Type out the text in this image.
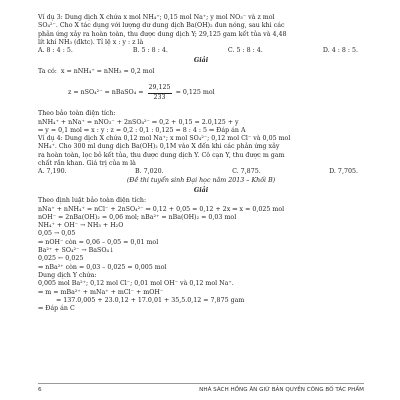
Ví dụ 3: Dung dịch X chứa x mol NH₄⁺; 0,15 mol Na⁺; y mol NO₃⁻ và z mol
SO₄²⁻. Cho X tác dụng với lượng dư dung dịch Ba(OH)₂ đun nóng, sau khi các
phản ứng xảy ra hoàn toàn, thu được dung dịch Y; 29,125 gam kết tủa và 4,48
lít khí NH₃ (đktc). Tỉ lệ x : y : z là
A. 8 : 4 : 5.	B. 5 : 8 : 4.	C. 5 : 8 : 4.	D. 4 : 8 : 5.
Giải
Ta có:  x = nNH₄⁺ = nNH₃ = 0,2 mol

z = nSO₄²⁻ = nBaSO₄ = $\frac{29,125}{233} = 0,125$ mol

Theo bảo toàn điện tích:
nNH₄⁺ + nNa⁺ = nNO₃⁻ + 2nSO₄²⁻ ⇒ 0,2 + 0,15 = 2.0,125 + y
⇒ y = 0,1 mol ⇒ x : y : z = 0,2 : 0,1 : 0,125 = 8 : 4 : 5 ⇒ Đáp án A
Ví dụ 4: Dung dịch X chứa 0,12 mol Na⁺; x mol SO₄²⁻; 0,12 mol Cl⁻ và 0,05 mol
NH₄⁺. Cho 300 ml dung dịch Ba(OH)₂ 0,1M vào X đến khi các phản ứng xảy
ra hoàn toàn, lọc bỏ kết tủa, thu được dung dịch Y. Cô cạn Y, thu được m gam
chất rắn khan. Giá trị của m là
A. 7,190.	B. 7,020.	C. 7,875.	D. 7,705.
(Đề thi tuyển sinh Đại học năm 2013 – Khối B)
Giải
Theo định luật bảo toàn điện tích:
nNa⁺ + nNH₄⁺ = nCl⁻ + 2nSO₄²⁻ ⇒ 0,12 + 0,05 = 0,12 + 2x ⇒ x = 0,025 mol
nOH⁻ = 2nBa(OH)₂ = 0,06 mol; nBa²⁺ = nBa(OH)₂ = 0,03 mol
NH₄⁺ + OH⁻ → NH₃ + H₂O
0,05 → 0,05
⇒ nOH⁻ còn = 0,06 – 0,05 = 0,01 mol
Ba²⁺ + SO₄²⁻ → BaSO₄↓
0,025 ← 0,025
⇒ nBa²⁺ còn = 0,03 – 0,025 = 0,005 mol
Dung dịch Y chứa:
0,005 mol Ba²⁺; 0,12 mol Cl⁻; 0,01 mol OH⁻ và 0,12 mol Na⁺.
⇒ m = mBa²⁺ + mNa⁺ + mCl⁻ + mOH⁻
= 137.0,005 + 23.0,12 + 17.0,01 + 35,5.0,12 = 7,875 gam
⇒ Đáp án C
6	NHÀ SÁCH HỒNG ÂN GIỮ BẢN QUYỀN CÔNG BỐ TÁC PHẨM
